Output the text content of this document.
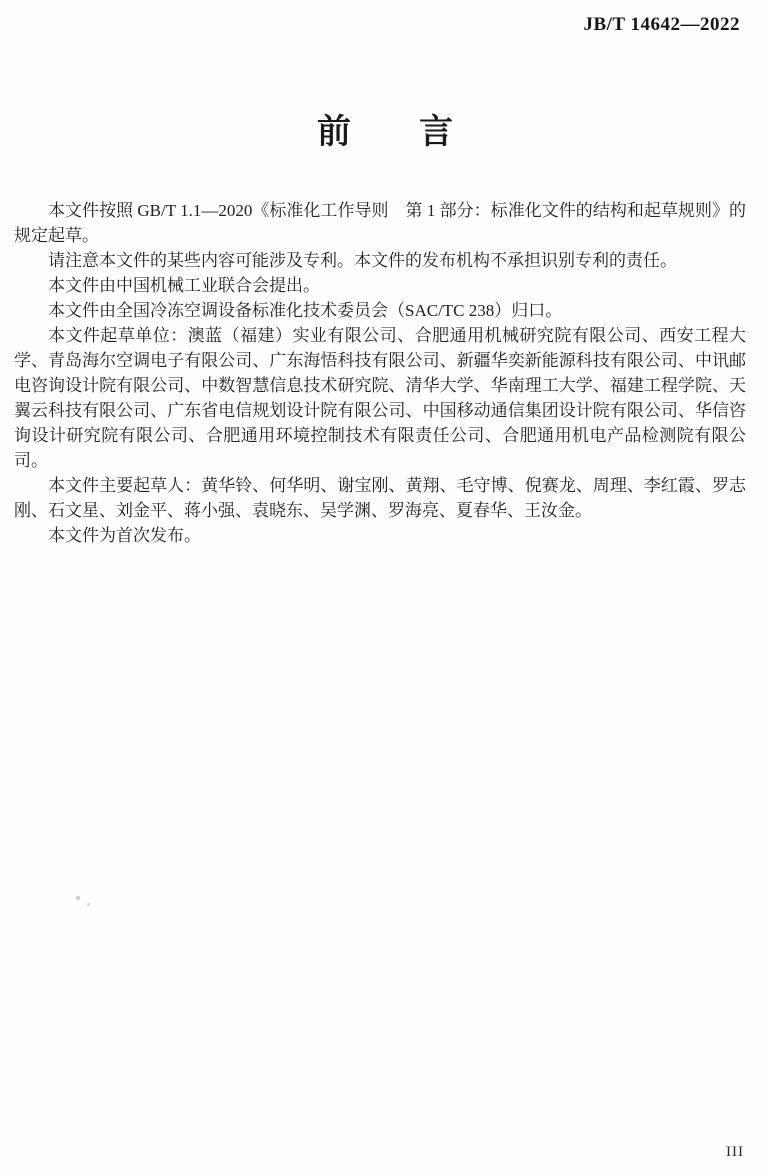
JB/T 14642—2022
前　　言

本文件按照 GB/T 1.1—2020《标准化工作导则　第 1 部分：标准化文件的结构和起草规则》的规定起草。

请注意本文件的某些内容可能涉及专利。本文件的发布机构不承担识别专利的责任。

本文件由中国机械工业联合会提出。

本文件由全国冷冻空调设备标准化技术委员会（SAC/TC 238）归口。

本文件起草单位：澳蓝（福建）实业有限公司、合肥通用机械研究院有限公司、西安工程大学、青岛海尔空调电子有限公司、广东海悟科技有限公司、新疆华奕新能源科技有限公司、中讯邮电咨询设计院有限公司、中数智慧信息技术研究院、清华大学、华南理工大学、福建工程学院、天翼云科技有限公司、广东省电信规划设计院有限公司、中国移动通信集团设计院有限公司、华信咨询设计研究院有限公司、合肥通用环境控制技术有限责任公司、合肥通用机电产品检测院有限公司。

本文件主要起草人：黄华铃、何华明、谢宝刚、黄翔、毛守博、倪赛龙、周理、李红霞、罗志刚、石文星、刘金平、蒋小强、袁晓东、吴学渊、罗海亮、夏春华、王汝金。

本文件为首次发布。

III
